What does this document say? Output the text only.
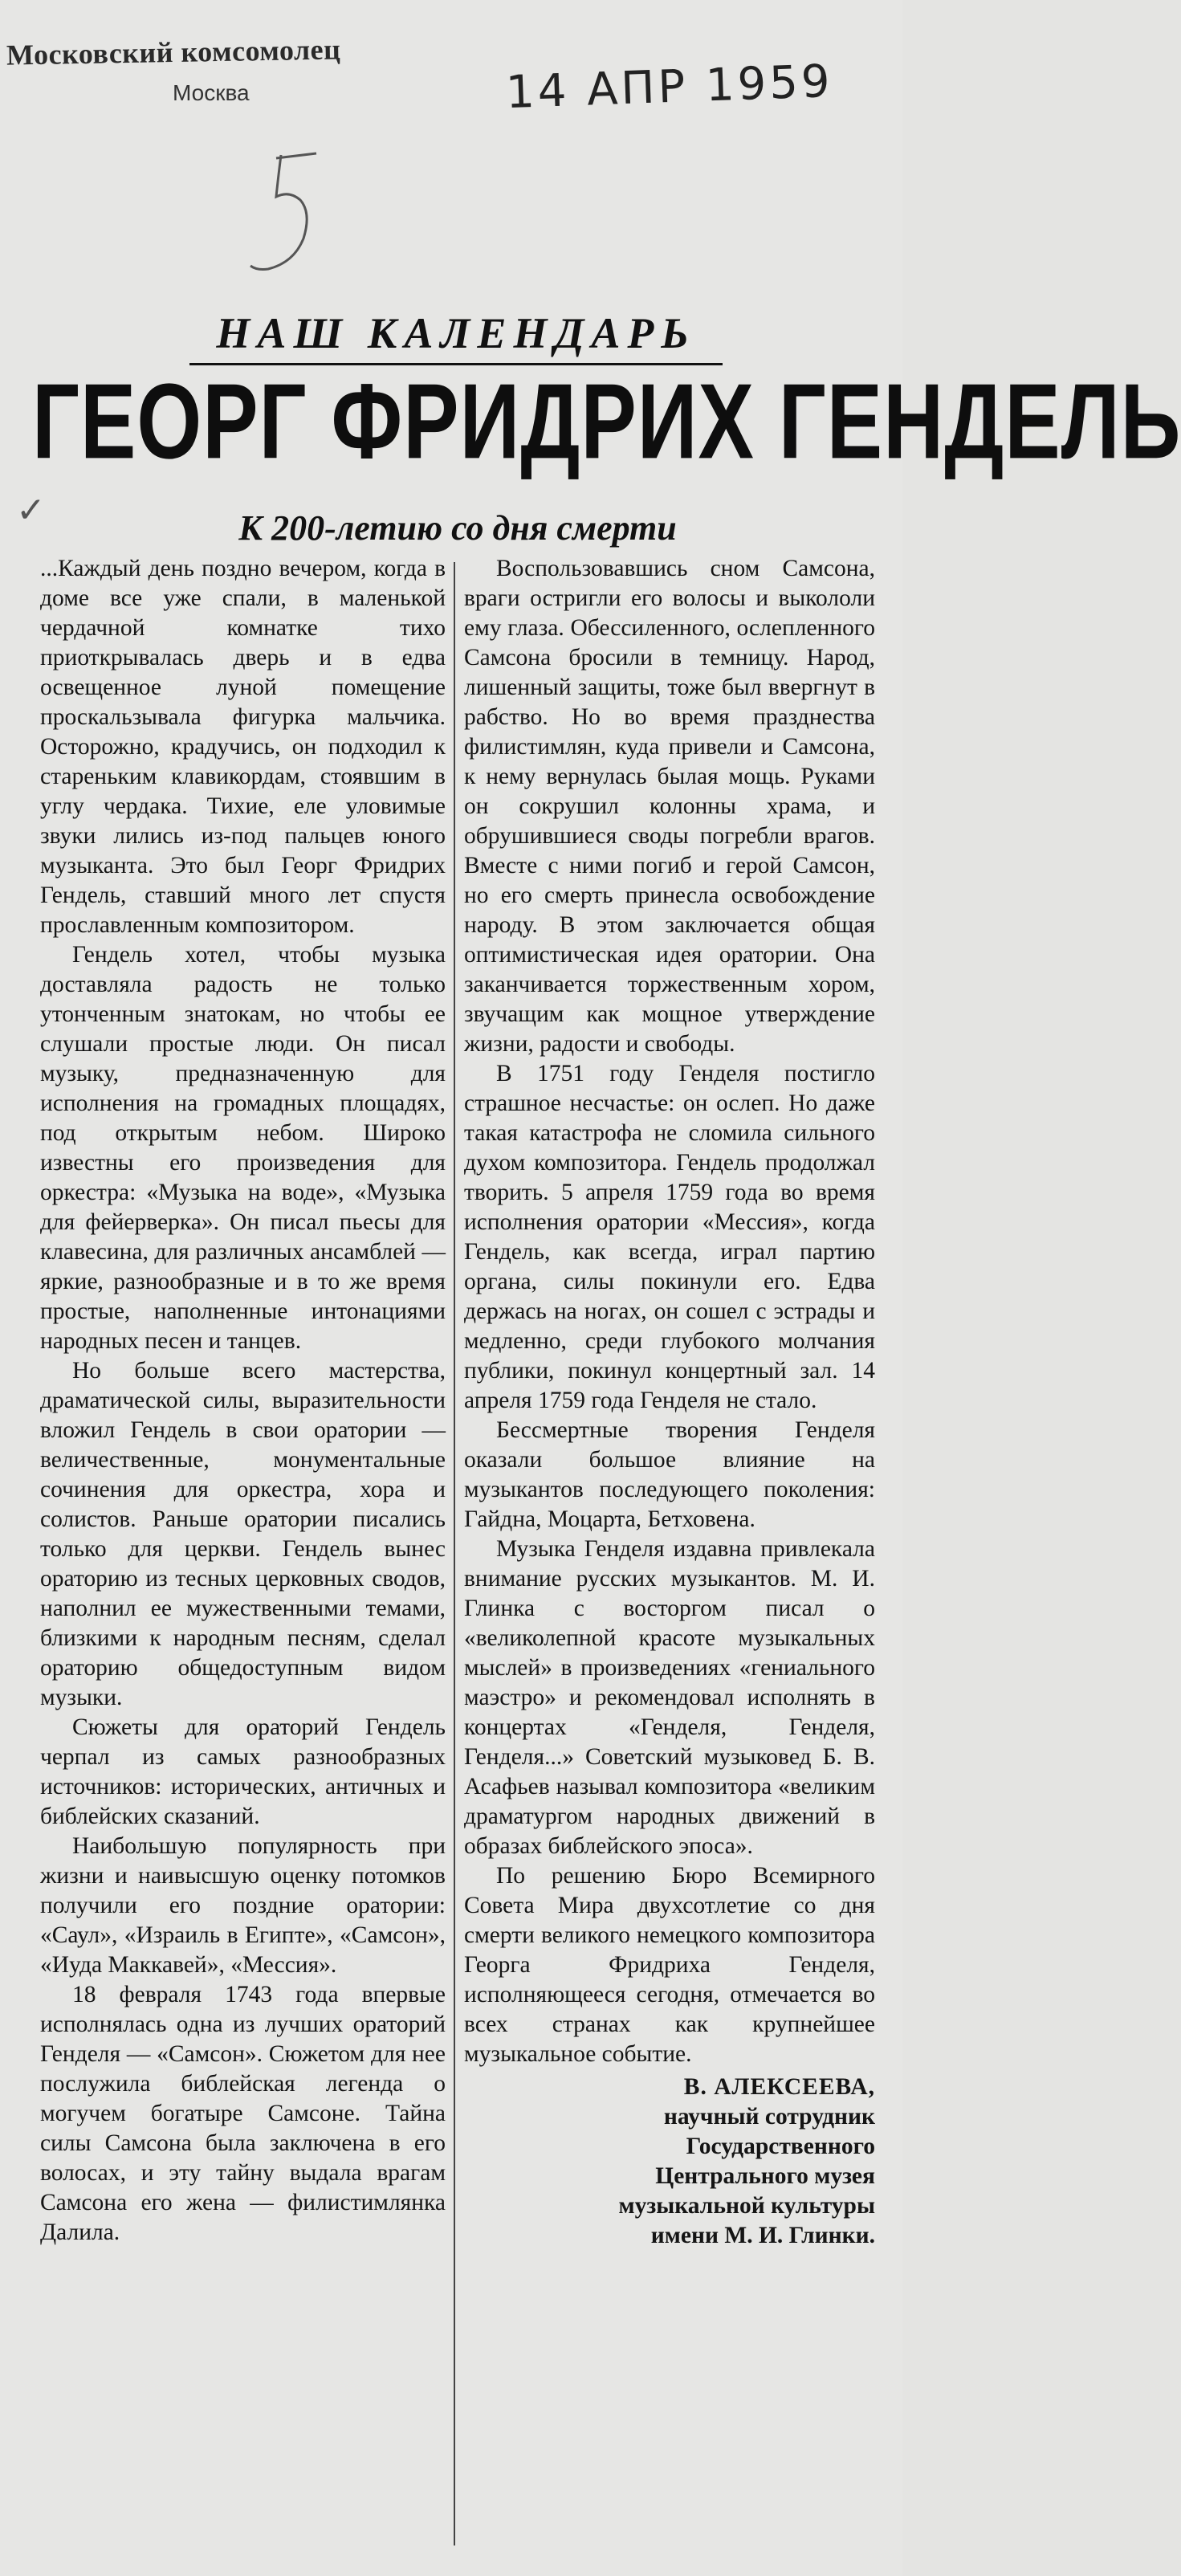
Московский комсомолец
Москва	14 АПР 1959
✓
НАШ КАЛЕНДАРЬ
ГЕОРГ ФРИДРИХ ГЕНДЕЛЬ
К 200-летию со дня смерти

...Каждый день поздно вечером, когда в доме все уже спали, в маленькой чердачной комнатке тихо приоткрывалась дверь и в едва освещенное луной помещение проскальзывала фигурка мальчика. Осторожно, крадучись, он подходил к стареньким клавикордам, стоявшим в углу чердака. Тихие, еле уловимые звуки лились из-под пальцев юного музыканта. Это был Георг Фридрих Гендель, ставший много лет спустя прославленным композитором.

Гендель хотел, чтобы музыка доставляла радость не только утонченным знатокам, но чтобы ее слушали простые люди. Он писал музыку, предназначенную для исполнения на громадных площадях, под открытым небом. Широко известны его произведения для оркестра: «Музыка на воде», «Музыка для фейерверка». Он писал пьесы для клавесина, для различных ансамблей — яркие, разнообразные и в то же время простые, наполненные интонациями народных песен и танцев.

Но больше всего мастерства, драматической силы, выразительности вложил Гендель в свои оратории — величественные, монументальные сочинения для оркестра, хора и солистов. Раньше оратории писались только для церкви. Гендель вынес ораторию из тесных церковных сводов, наполнил ее мужественными темами, близкими к народным песням, сделал ораторию общедоступным видом музыки.

Сюжеты для ораторий Гендель черпал из самых разнообразных источников: исторических, античных и библейских сказаний.

Наибольшую популярность при жизни и наивысшую оценку потомков получили его поздние оратории: «Саул», «Израиль в Египте», «Самсон», «Иуда Маккавей», «Мессия».

18 февраля 1743 года впервые исполнялась одна из лучших ораторий Генделя — «Самсон». Сюжетом для нее послужила библейская легенда о могучем богатыре Самсоне. Тайна силы Самсона была заключена в его волосах, и эту тайну выдала врагам Самсона его жена — филистимлянка Далила.

Воспользовавшись сном Самсона, враги остригли его волосы и выкололи ему глаза. Обессиленного, ослепленного Самсона бросили в темницу. Народ, лишенный защиты, тоже был ввергнут в рабство. Но во время празднества филистимлян, куда привели и Самсона, к нему вернулась былая мощь. Руками он сокрушил колонны храма, и обрушившиеся своды погребли врагов. Вместе с ними погиб и герой Самсон, но его смерть принесла освобождение народу. В этом заключается общая оптимистическая идея оратории. Она заканчивается торжественным хором, звучащим как мощное утверждение жизни, радости и свободы.

В 1751 году Генделя постигло страшное несчастье: он ослеп. Но даже такая катастрофа не сломила сильного духом композитора. Гендель продолжал творить. 5 апреля 1759 года во время исполнения оратории «Мессия», когда Гендель, как всегда, играл партию органа, силы покинули его. Едва держась на ногах, он сошел с эстрады и медленно, среди глубокого молчания публики, покинул концертный зал. 14 апреля 1759 года Генделя не стало.

Бессмертные творения Генделя оказали большое влияние на музыкантов последующего поколения: Гайдна, Моцарта, Бетховена.

Музыка Генделя издавна привлекала внимание русских музыкантов. М. И. Глинка с восторгом писал о «великолепной красоте музыкальных мыслей» в произведениях «гениального маэстро» и рекомендовал исполнять в концертах «Генделя, Генделя, Генделя...» Советский музыковед Б. В. Асафьев называл композитора «великим драматургом народных движений в образах библейского эпоса».

По решению Бюро Всемирного Совета Мира двухсотлетие со дня смерти великого немецкого композитора Георга Фридриха Генделя, исполняющееся сегодня, отмечается во всех странах как крупнейшее музыкальное событие.

В. АЛЕКСЕЕВА,
научный сотрудник
Государственного
Центрального музея
музыкальной культуры
имени М. И. Глинки.
